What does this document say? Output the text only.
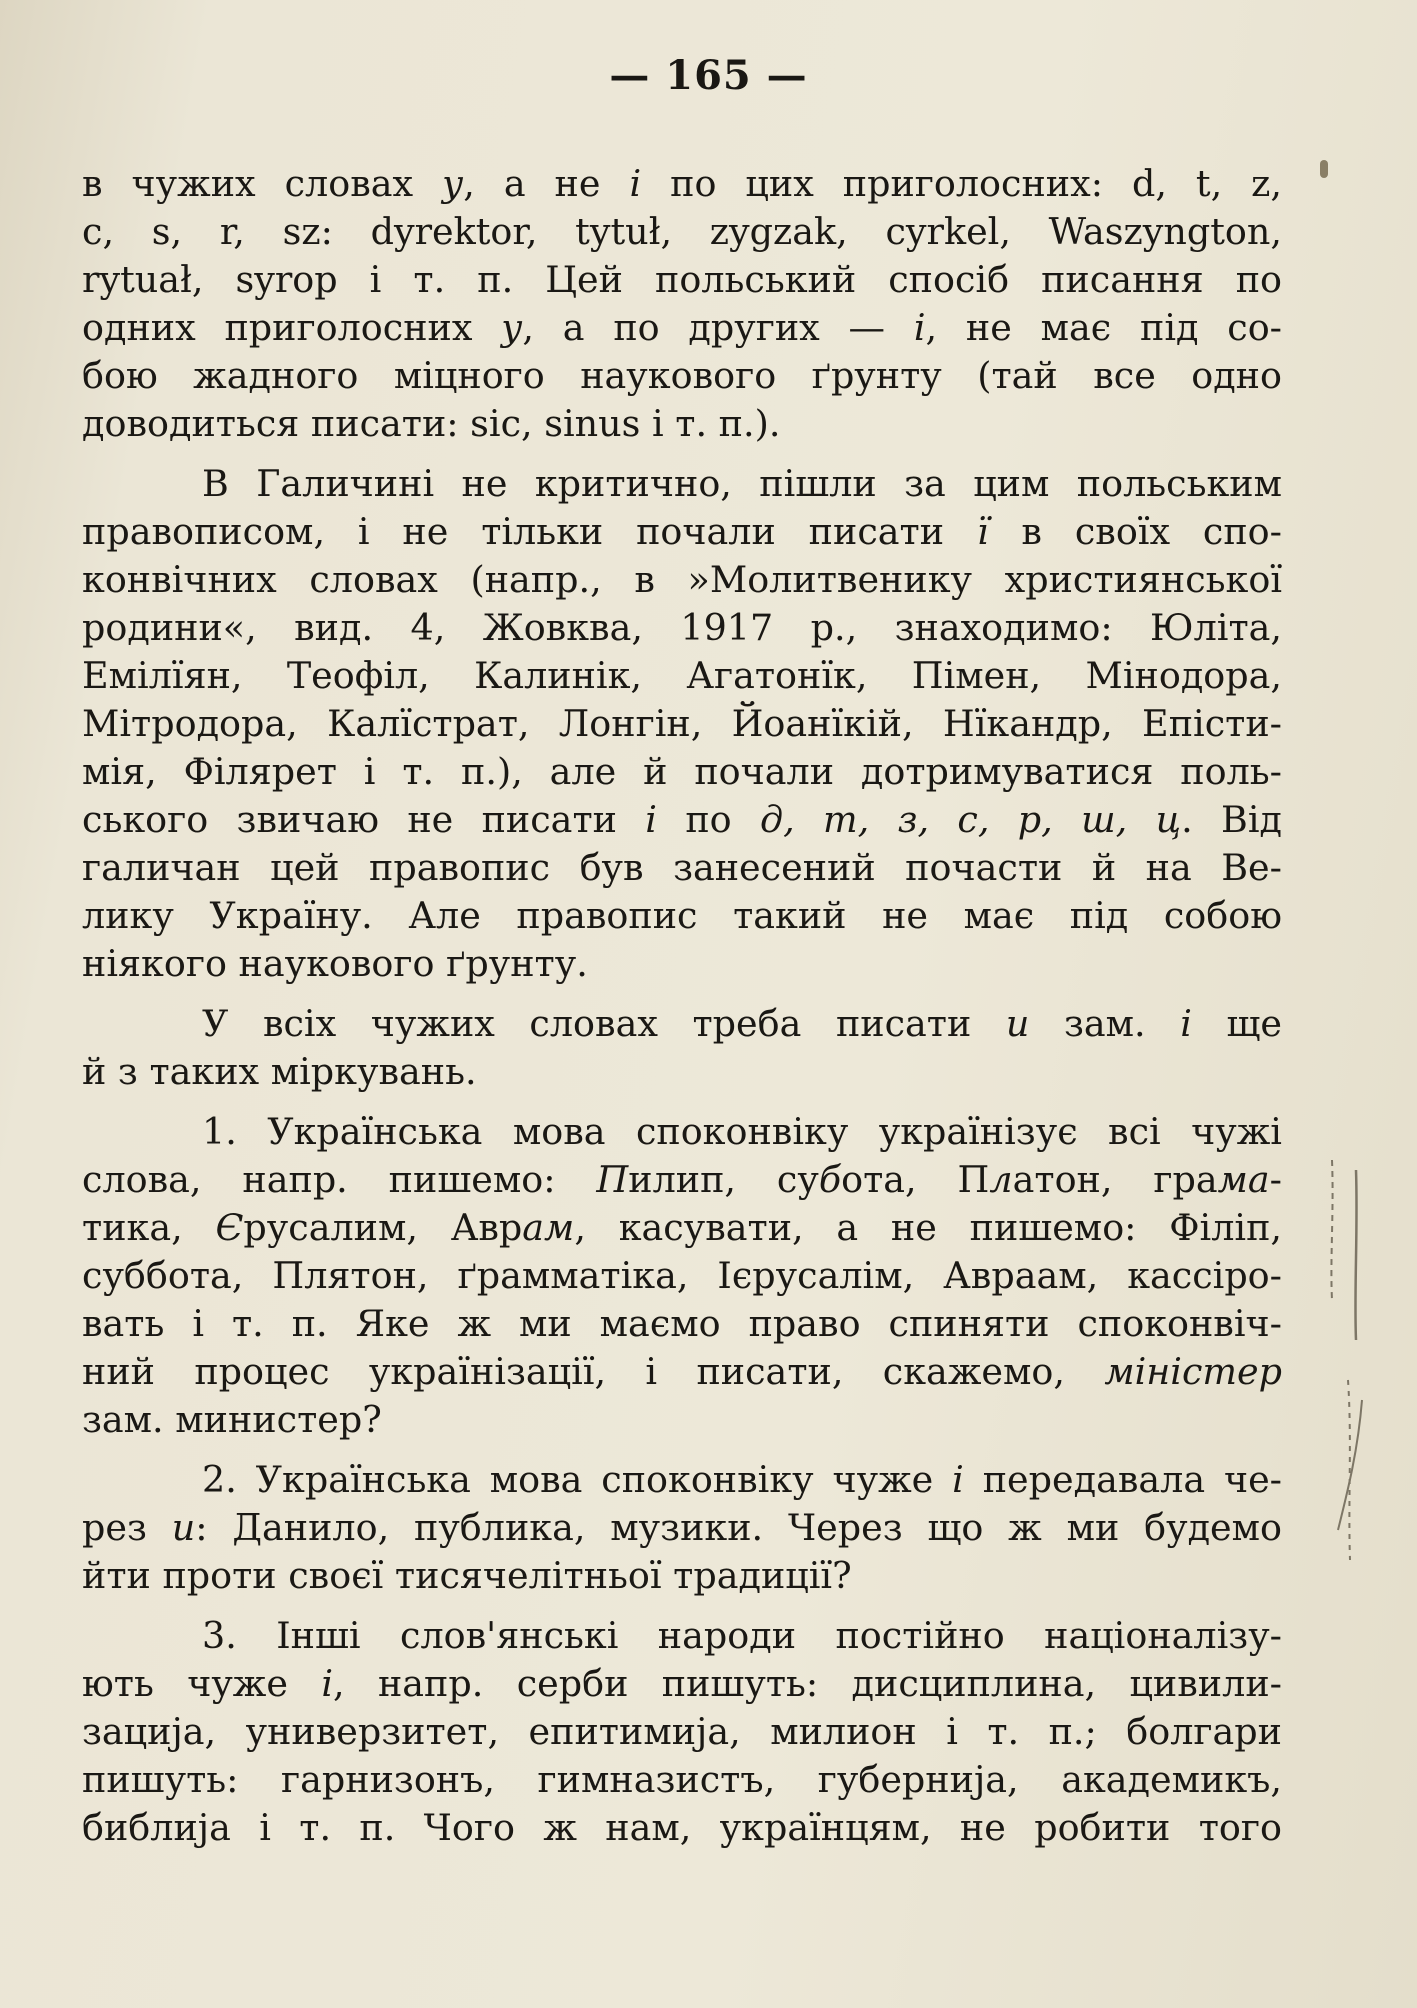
— 165 —
в чужих словах у, а не і по цих приголосних: d, t, z,
c, s, r, sz: dyrektor, tytuł, zygzak, cyrkel, Waszyngton,
rytuał, syrop і т. п. Цей польський спосіб писання по
одних приголосних у, а по других — і, не має під со-
бою жадного міцного наукового ґрунту (тай все одно
доводиться писати: sic, sinus і т. п.).
В Галичині не критично, пішли за цим польським
правописом, і не тільки почали писати ї в своїх спо-
конвічних словах (напр., в »Молитвенику християнської
родини«, вид. 4, Жовква, 1917 р., знаходимо: Юліта,
Емілїян, Теофіл, Калинік, Агатонїк, Пімен, Мінодора,
Мітродора, Калїстрат, Лонгін, Йоанїкій, Нїкандр, Епісти-
мія, Філярет і т. п.), але й почали дотримуватися поль-
ського звичаю не писати і по д, т, з, с, р, ш, ц. Від
галичан цей правопис був занесений почасти й на Ве-
лику Україну. Але правопис такий не має під собою
ніякого наукового ґрунту.
У всіх чужих словах треба писати и зам. і ще
й з таких міркувань.
1. Українська мова споконвіку українізує всі чужі
слова, напр. пишемо: Пилип, субота, Платон, грама-
тика, Єрусалим, Аврам, касувати, а не пишемо: Філіп,
суббота, Плятон, ґрамматіка, Ієрусалім, Авраам, кассіро-
вать і т. п. Яке ж ми маємо право спиняти споконвіч-
ний процес українізації, і писати, скажемо, міністер
зам. министер?
2. Українська мова споконвіку чуже і передавала че-
рез и: Данило, публика, музики. Через що ж ми будемо
йти проти своєї тисячелітньої традиції?
3. Інші слов'янські народи постійно націоналізу-
ють чуже і, напр. серби пишуть: дисциплина, цивили-
зација, универзитет, епитимија, милион і т. п.; болгари
пишуть: гарнизонъ, гимназистъ, губернија, академикъ,
библија і т. п. Чого ж нам, українцям, не робити того
